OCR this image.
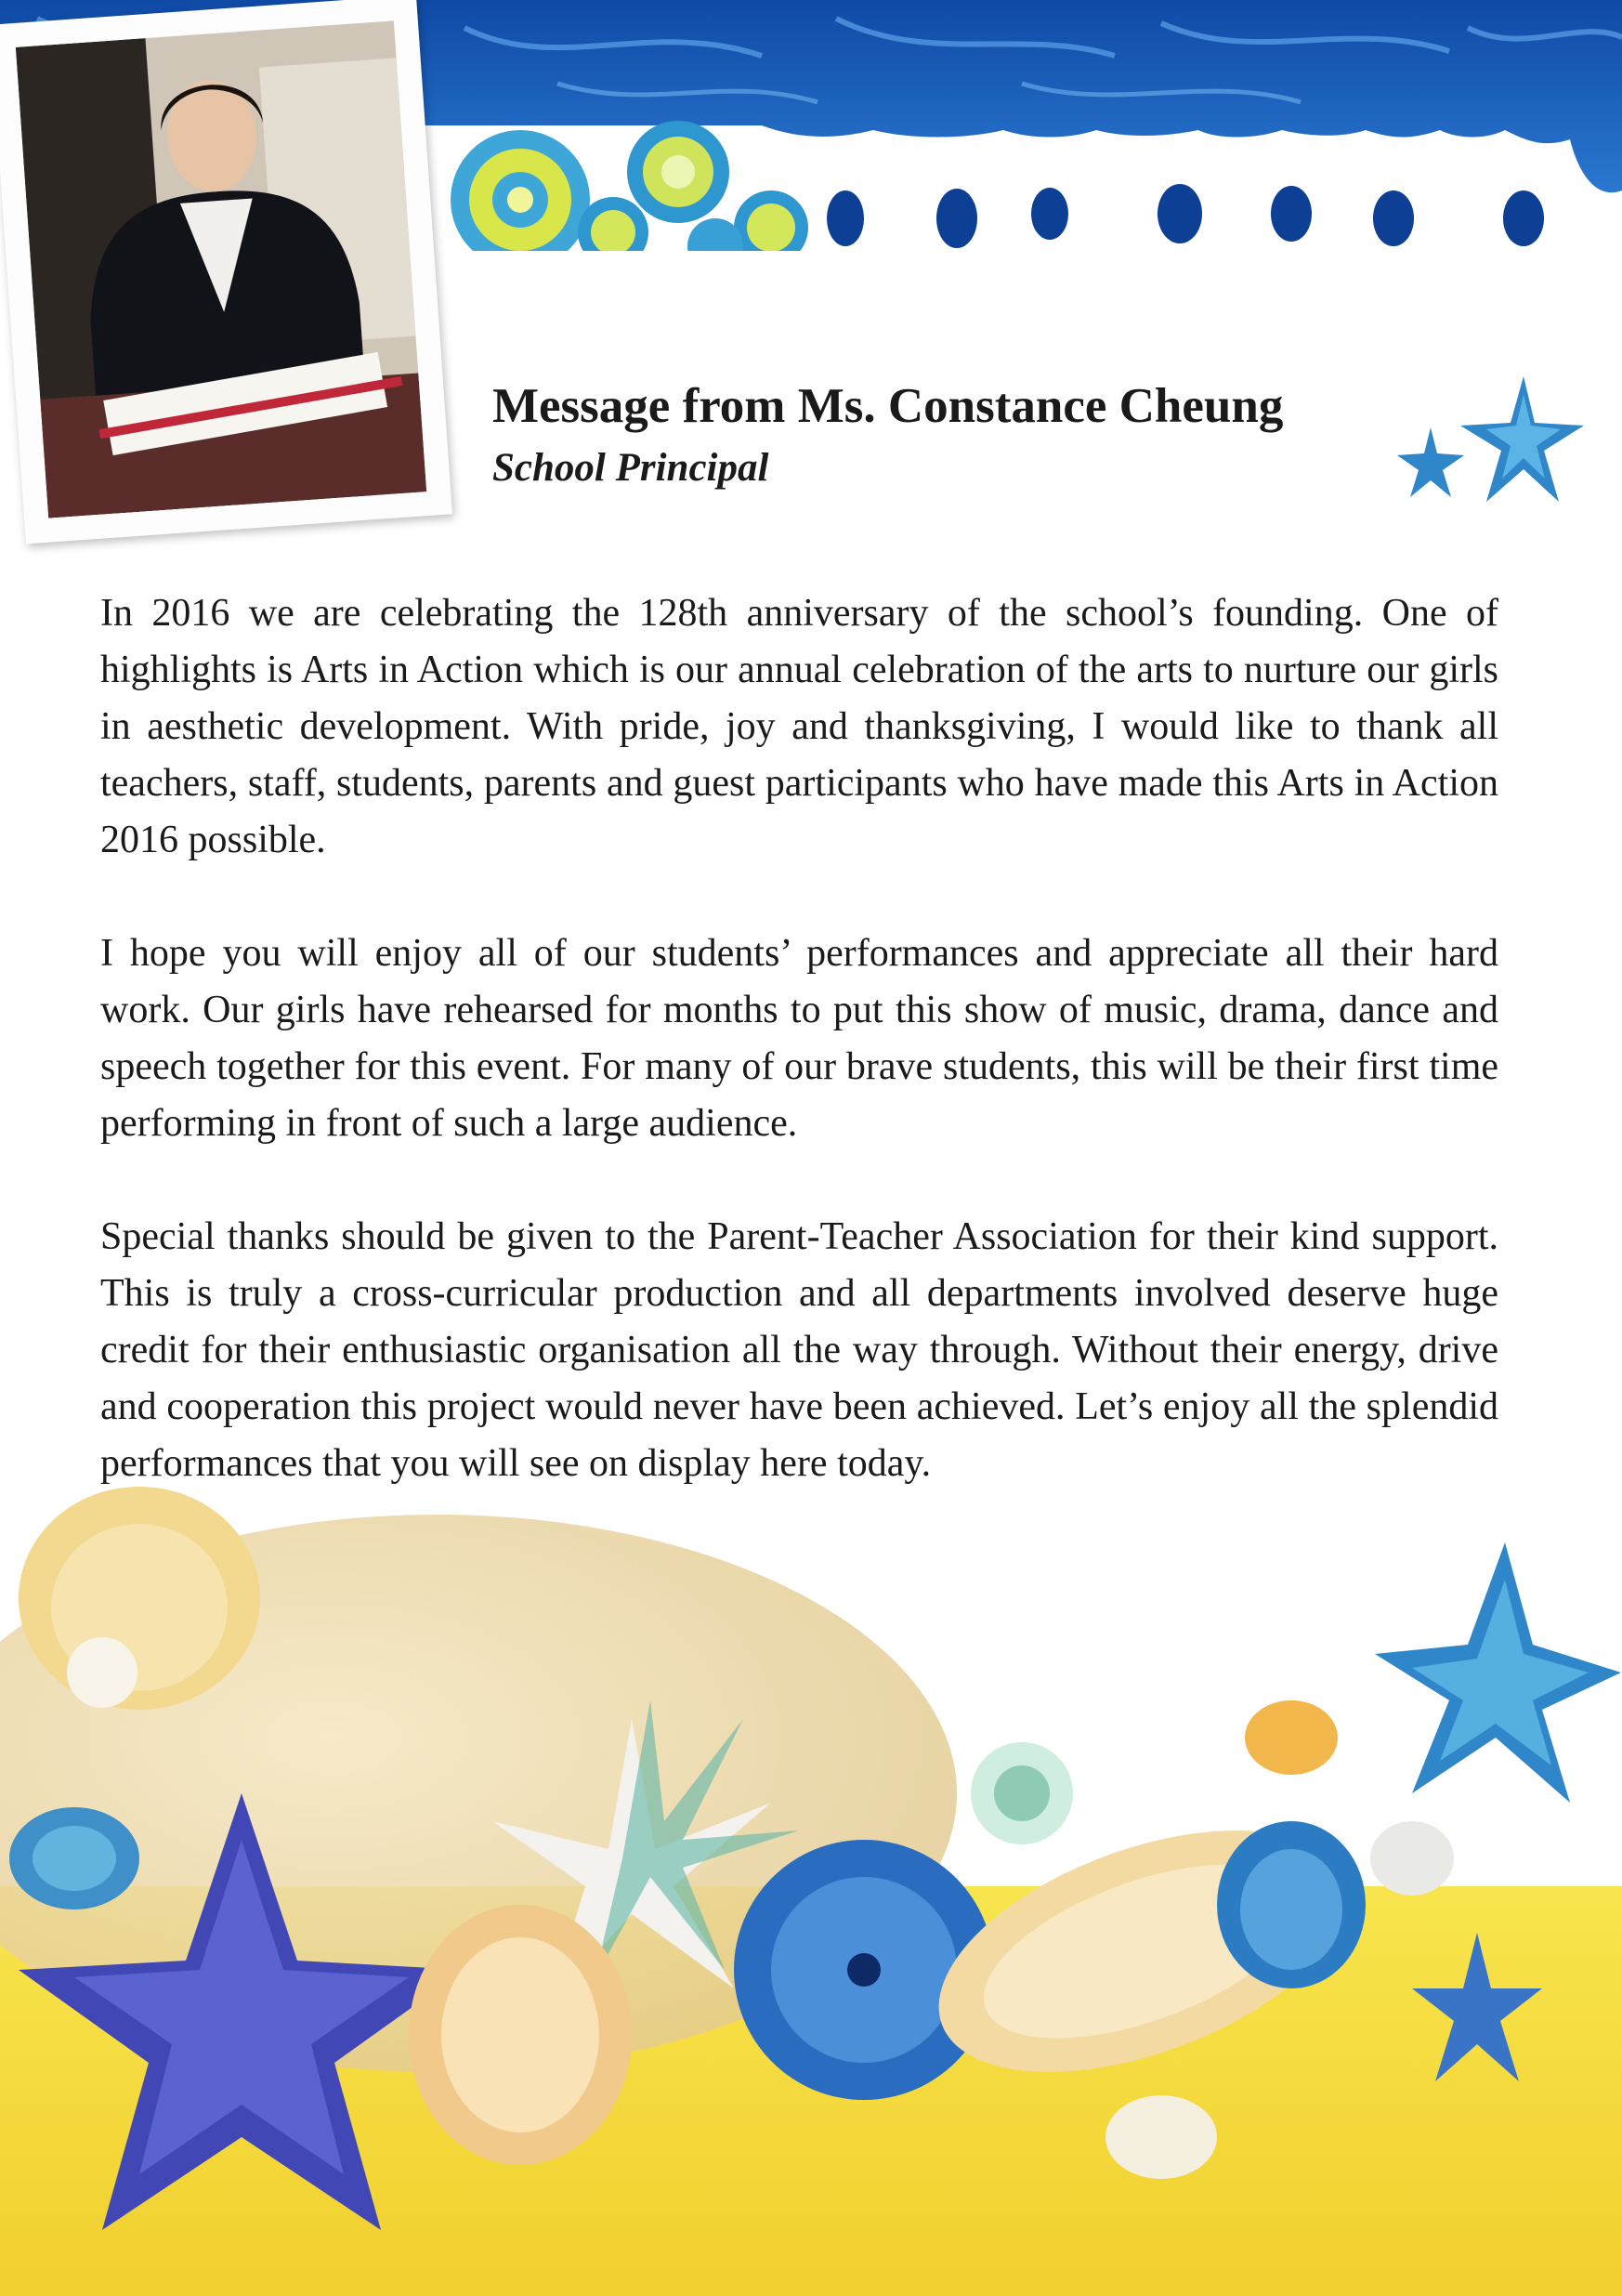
Message from Ms. Constance Cheung
School Principal

In 2016 we are celebrating the 128th anniversary of the school’s founding. One of highlights is Arts in Action which is our annual celebration of the arts to nurture our girls in aesthetic development. With pride, joy and thanksgiving, I would like to thank all teachers, staff, students, parents and guest participants who have made this Arts in Action 2016 possible.

I hope you will enjoy all of our students’ performances and appreciate all their hard work. Our girls have rehearsed for months to put this show of music, drama, dance and speech together for this event. For many of our brave students, this will be their first time performing in front of such a large audience.

Special thanks should be given to the Parent-Teacher Association for their kind support. This is truly a cross-curricular production and all departments involved deserve huge credit for their enthusiastic organisation all the way through. Without their energy, drive and cooperation this project would never have been achieved. Let’s enjoy all the splendid performances that you will see on display here today.
